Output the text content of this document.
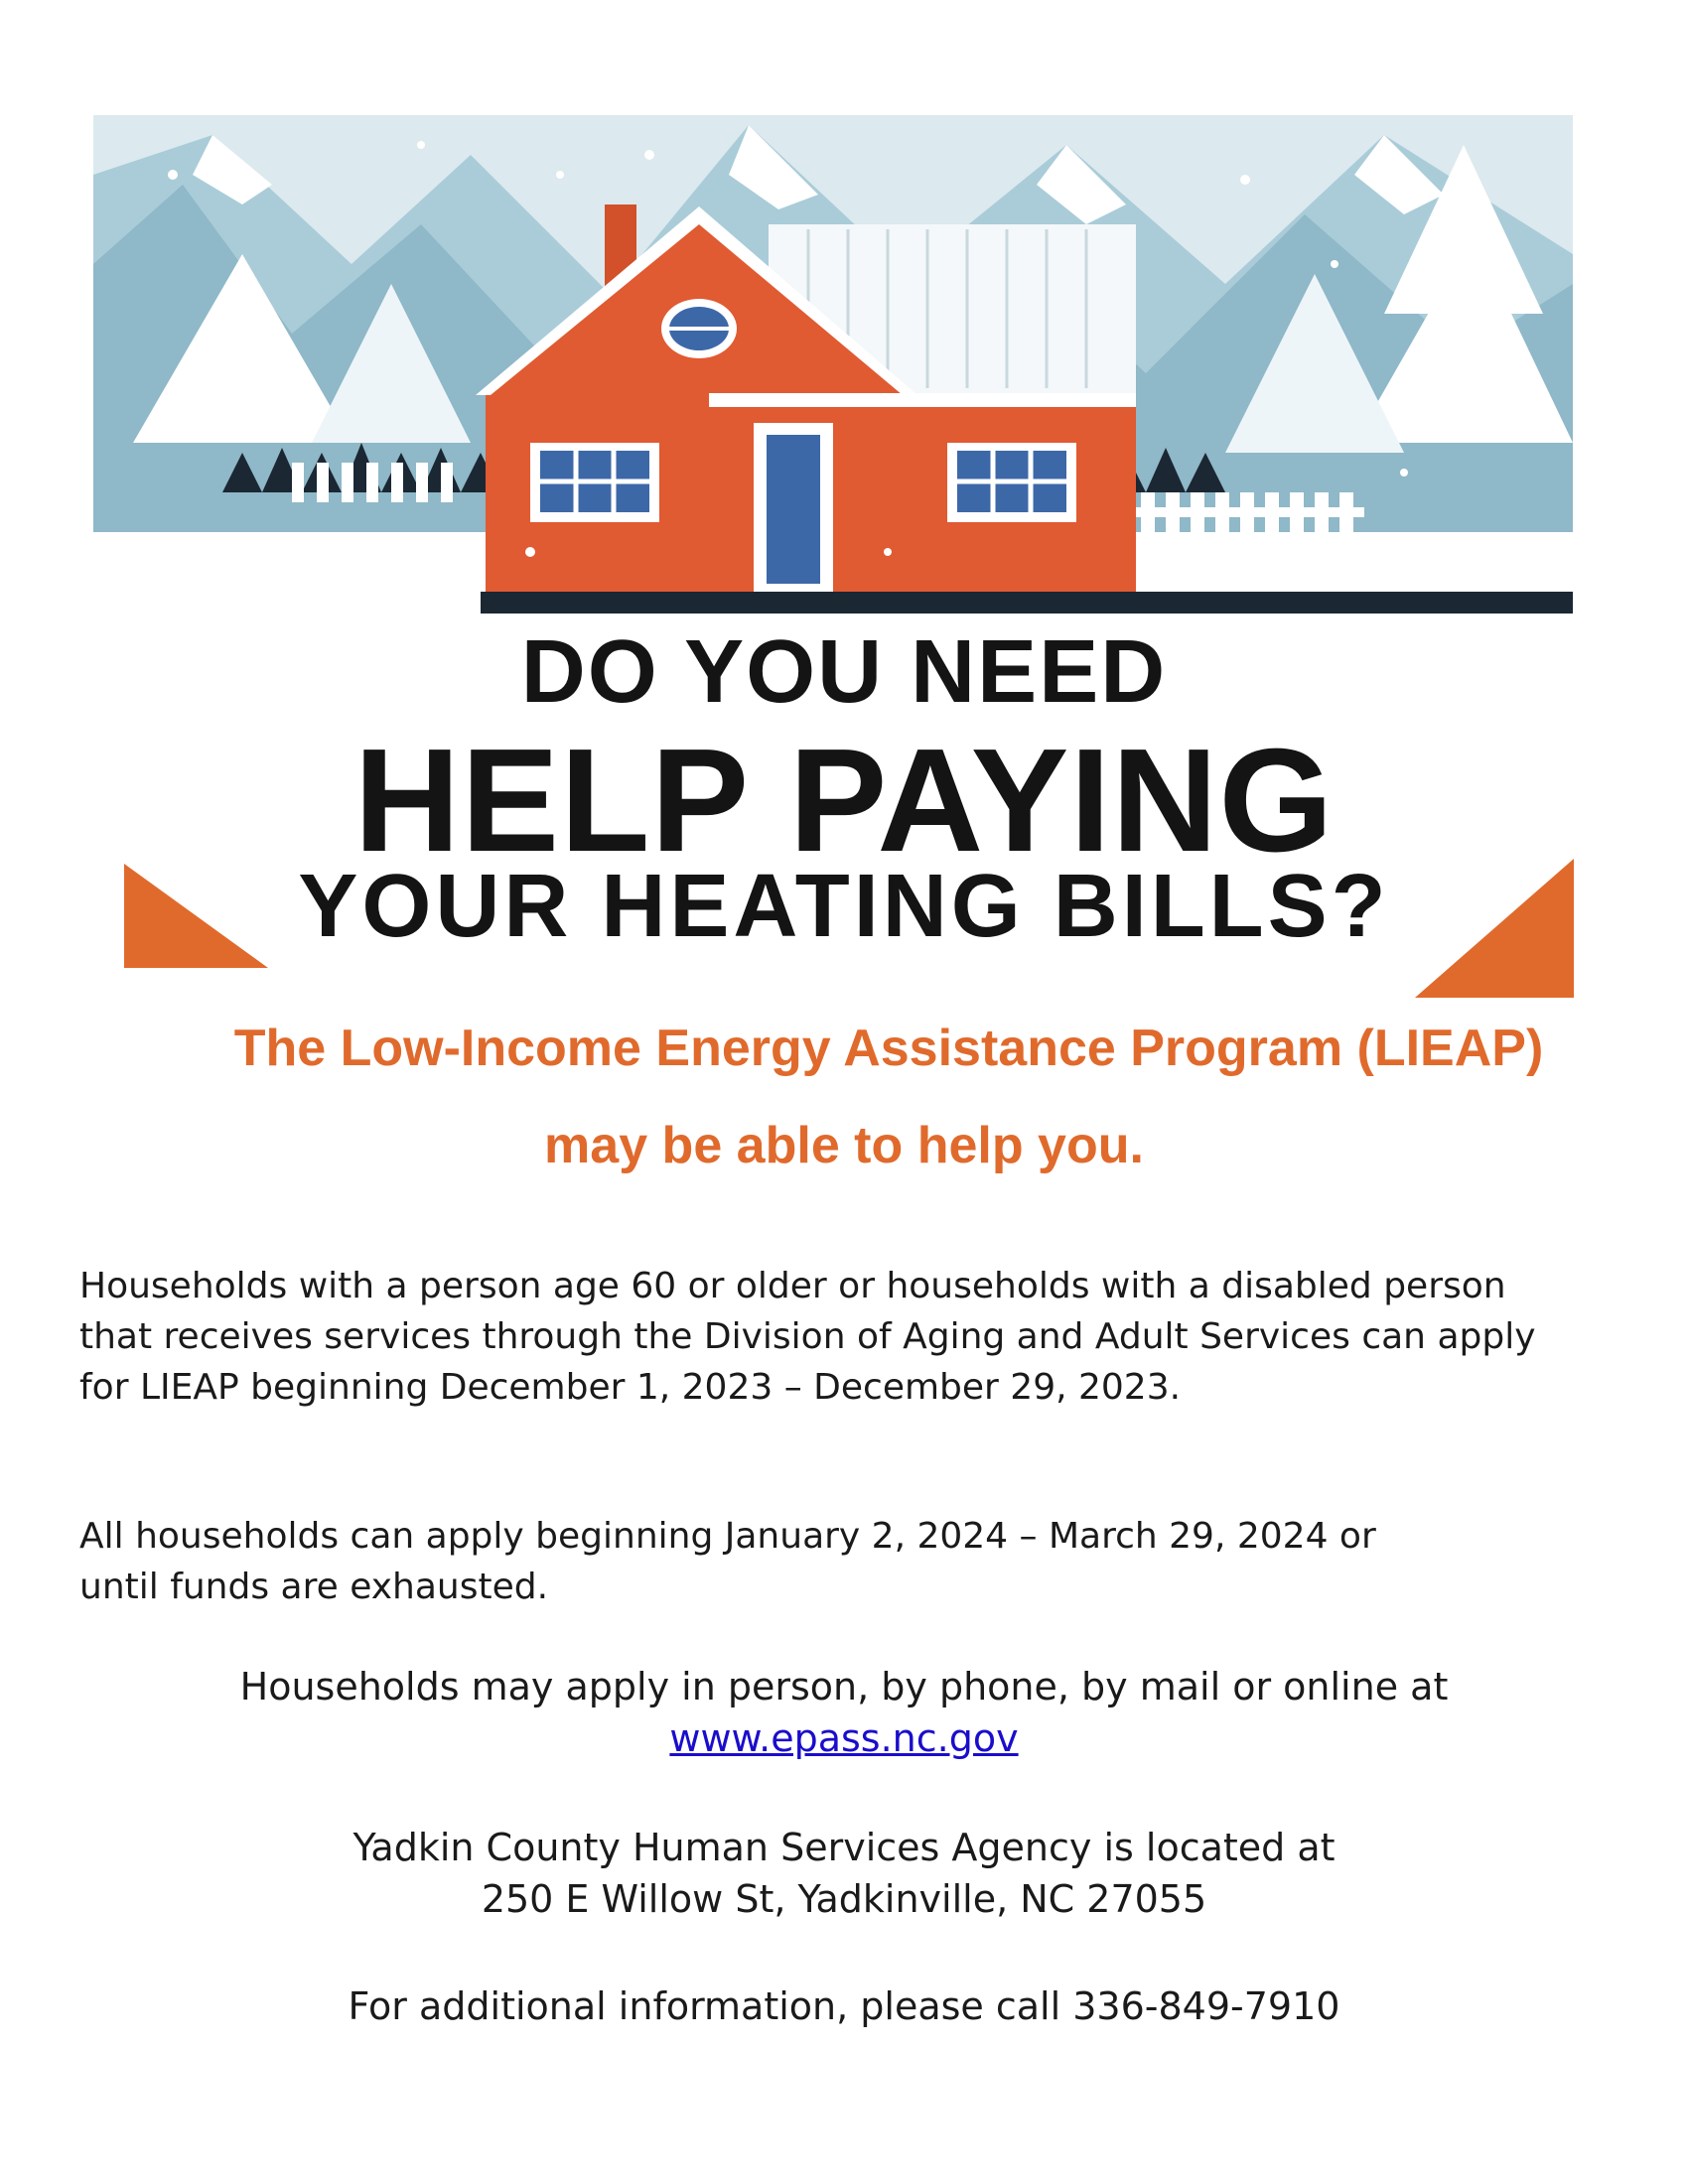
DO YOU NEED
HELP PAYING
YOUR HEATING BILLS?
The Low-Income Energy Assistance Program (LIEAP)
may be able to help you.
Households with a person age 60 or older or households with a disabled person
that receives services through the Division of Aging and Adult Services can apply
for LIEAP beginning December 1, 2023 – December 29, 2023.
All households can apply beginning January 2, 2024 – March 29, 2024 or
until funds are exhausted.
Households may apply in person, by phone, by mail or online at
www.epass.nc.gov
Yadkin County Human Services Agency is located at
250 E Willow St, Yadkinville, NC 27055
For additional information, please call 336-849-7910
